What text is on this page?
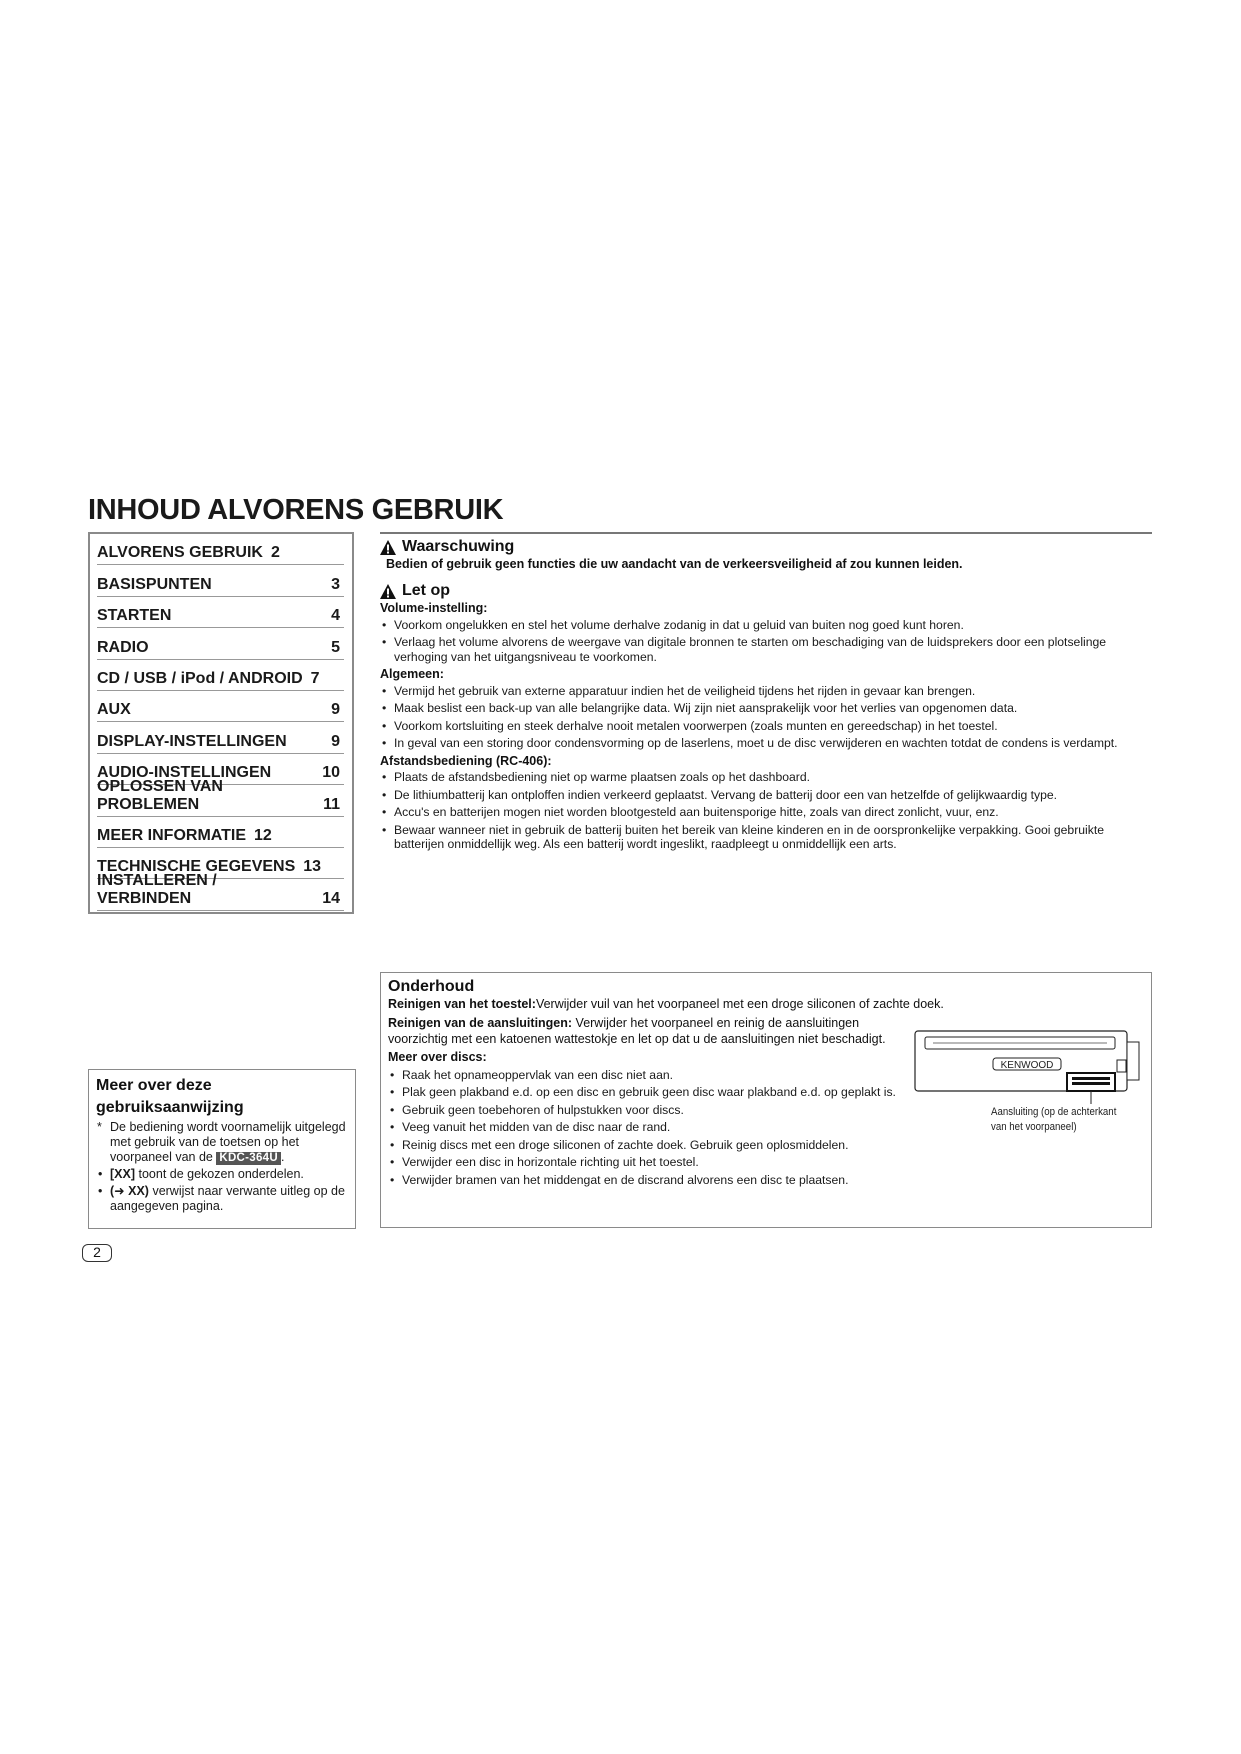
INHOUD ALVORENS GEBRUIK
ALVORENS GEBRUIK 2
BASISPUNTEN	3
STARTEN	4
RADIO	5
CD / USB / iPod / ANDROID 7
AUX	9
DISPLAY-INSTELLINGEN	9
AUDIO-INSTELLINGEN	10
OPLOSSEN VAN PROBLEMEN	11
MEER INFORMATIE 12
TECHNISCHE GEGEVENS 13
INSTALLEREN / VERBINDEN	14
Waarschuwing
Bedien of gebruik geen functies die uw aandacht van de verkeersveiligheid af zou kunnen leiden.
Let op
Volume-instelling:
• Voorkom ongelukken en stel het volume derhalve zodanig in dat u geluid van buiten nog goed kunt horen.
• Verlaag het volume alvorens de weergave van digitale bronnen te starten om beschadiging van de luidsprekers door een plotselinge verhoging van het uitgangsniveau te voorkomen.
Algemeen:
• Vermijd het gebruik van externe apparatuur indien het de veiligheid tijdens het rijden in gevaar kan brengen.
• Maak beslist een back-up van alle belangrijke data. Wij zijn niet aansprakelijk voor het verlies van opgenomen data.
• Voorkom kortsluiting en steek derhalve nooit metalen voorwerpen (zoals munten en gereedschap) in het toestel.
• In geval van een storing door condensvorming op de laserlens, moet u de disc verwijderen en wachten totdat de condens is verdampt.
Afstandsbediening (RC-406):
• Plaats de afstandsbediening niet op warme plaatsen zoals op het dashboard.
• De lithiumbatterij kan ontploffen indien verkeerd geplaatst. Vervang de batterij door een van hetzelfde of gelijkwaardig type.
• Accu's en batterijen mogen niet worden blootgesteld aan buitensporige hitte, zoals van direct zonlicht, vuur, enz.
• Bewaar wanneer niet in gebruik de batterij buiten het bereik van kleine kinderen en in de oorspronkelijke verpakking. Gooi gebruikte batterijen onmiddellijk weg. Als een batterij wordt ingeslikt, raadpleegt u onmiddellijk een arts.
Meer over deze
gebruiksaanwijzing
* De bediening wordt voornamelijk uitgelegd met gebruik van de toetsen op het voorpaneel van de KDC-364U .
• [XX] toont de gekozen onderdelen.
• (➜ XX) verwijst naar verwante uitleg op de aangegeven pagina.
2
Onderhoud
Reinigen van het toestel:Verwijder vuil van het voorpaneel met een droge siliconen of zachte doek.
Reinigen van de aansluitingen: Verwijder het voorpaneel en reinig de aansluitingen voorzichtig met een katoenen wattestokje en let op dat u de aansluitingen niet beschadigt.
Meer over discs:
• Raak het opnameoppervlak van een disc niet aan.
• Plak geen plakband e.d. op een disc en gebruik geen disc waar plakband e.d. op geplakt is.
• Gebruik geen toebehoren of hulpstukken voor discs.
• Veeg vanuit het midden van de disc naar de rand.
• Reinig discs met een droge siliconen of zachte doek. Gebruik geen oplosmiddelen.
• Verwijder een disc in horizontale richting uit het toestel.
• Verwijder bramen van het middengat en de discrand alvorens een disc te plaatsen.
KENWOOD
Aansluiting (op de achterkant van het voorpaneel)
